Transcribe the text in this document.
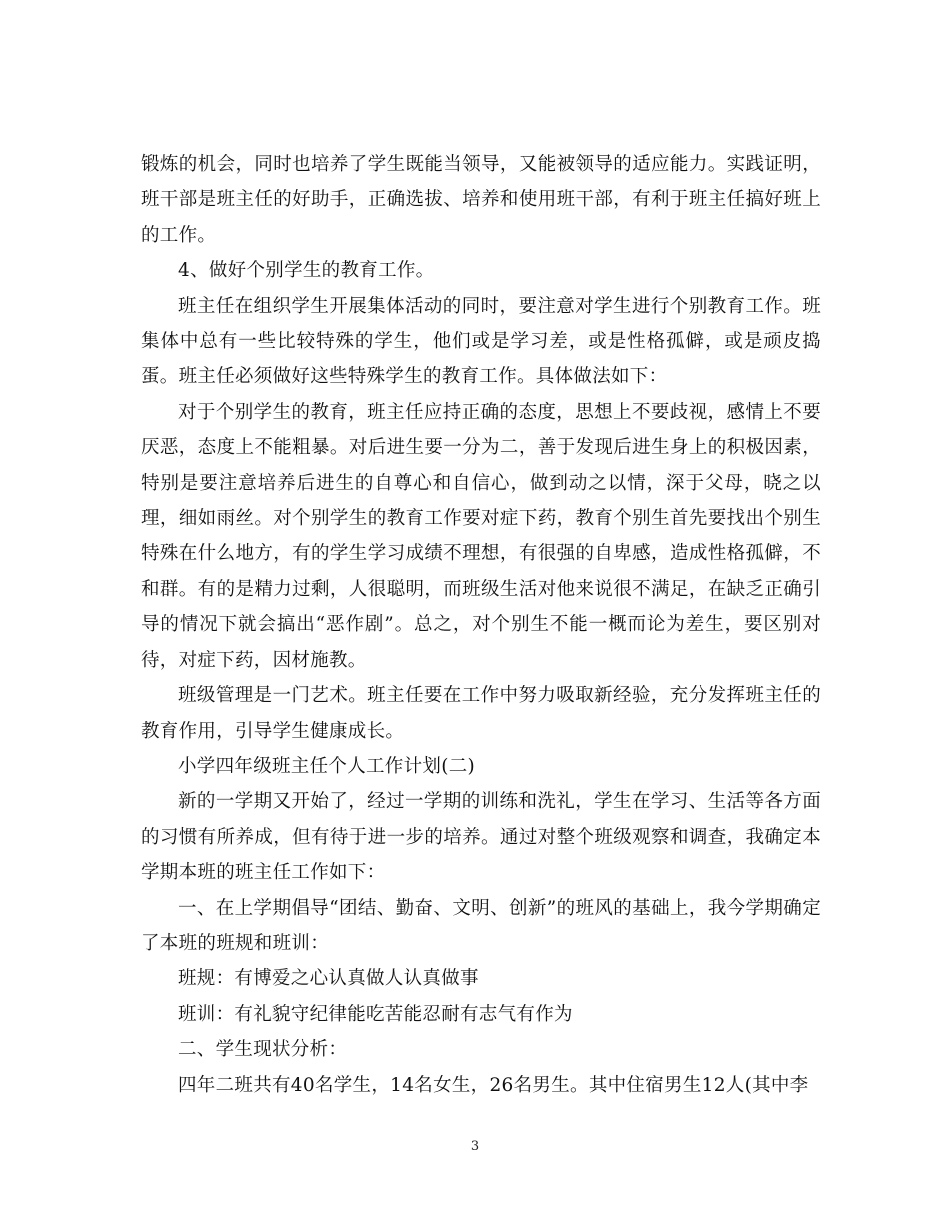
锻炼的机会，同时也培养了学生既能当领导，又能被领导的适应能力。实践证明，班干部是班主任的好助手，正确选拔、培养和使用班干部，有利于班主任搞好班上的工作。

4、做好个别学生的教育工作。

班主任在组织学生开展集体活动的同时，要注意对学生进行个别教育工作。班集体中总有一些比较特殊的学生，他们或是学习差，或是性格孤僻，或是顽皮捣蛋。班主任必须做好这些特殊学生的教育工作。具体做法如下：

对于个别学生的教育，班主任应持正确的态度，思想上不要歧视，感情上不要厌恶，态度上不能粗暴。对后进生要一分为二，善于发现后进生身上的积极因素，特别是要注意培养后进生的自尊心和自信心，做到动之以情，深于父母，晓之以理，细如雨丝。对个别学生的教育工作要对症下药，教育个别生首先要找出个别生特殊在什么地方，有的学生学习成绩不理想，有很强的自卑感，造成性格孤僻，不和群。有的是精力过剩，人很聪明，而班级生活对他来说很不满足，在缺乏正确引导的情况下就会搞出“恶作剧”。总之，对个别生不能一概而论为差生，要区别对待，对症下药，因材施教。

班级管理是一门艺术。班主任要在工作中努力吸取新经验，充分发挥班主任的教育作用，引导学生健康成长。

小学四年级班主任个人工作计划(二)

新的一学期又开始了，经过一学期的训练和洗礼，学生在学习、生活等各方面的习惯有所养成，但有待于进一步的培养。通过对整个班级观察和调查，我确定本学期本班的班主任工作如下：

一、在上学期倡导“团结、勤奋、文明、创新”的班风的基础上，我今学期确定了本班的班规和班训：

班规：有博爱之心认真做人认真做事

班训：有礼貌守纪律能吃苦能忍耐有志气有作为

二、学生现状分析：

四年二班共有40名学生，14名女生，26名男生。其中住宿男生12人(其中李

3
